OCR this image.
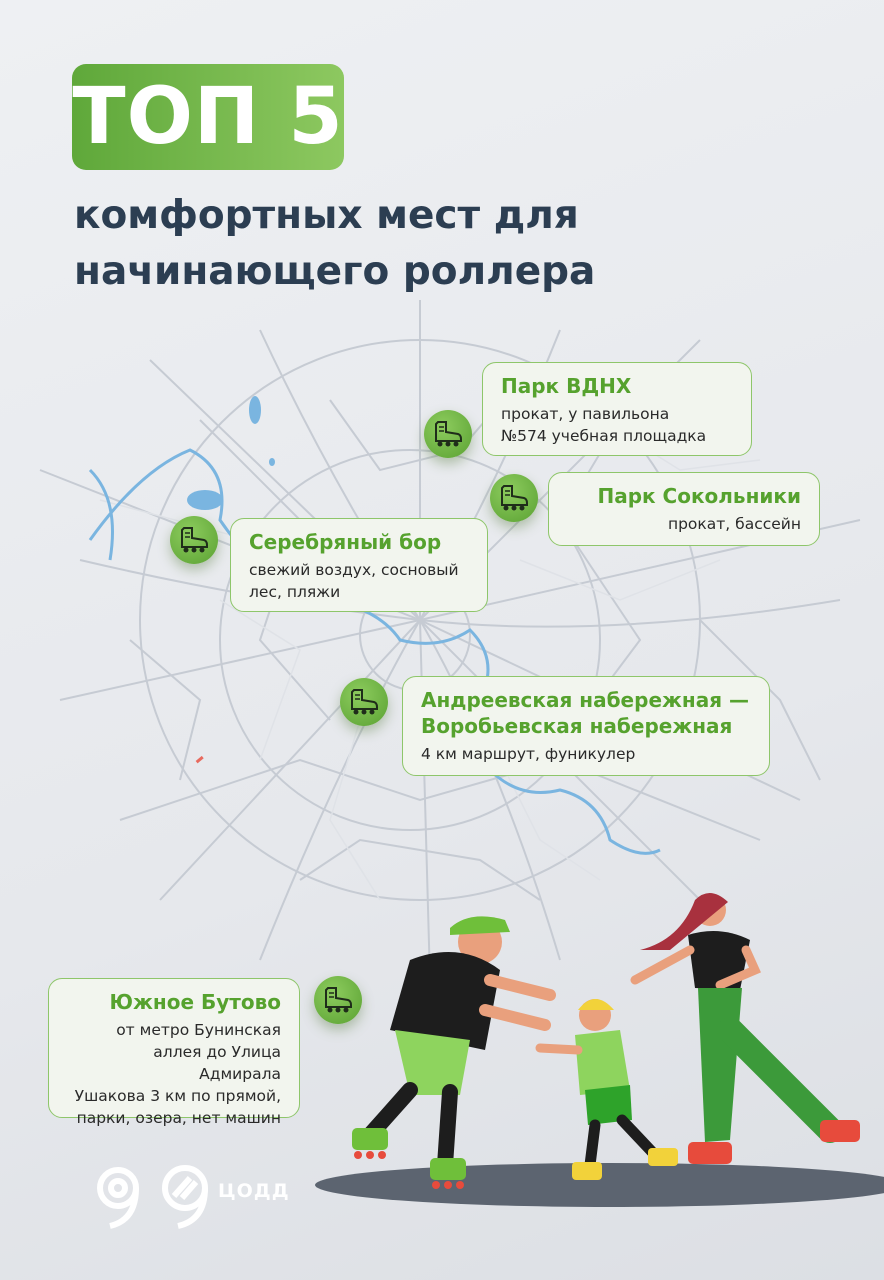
ТОП 5
комфортных мест для
начинающего роллера
Парк ВДНХ
прокат, у павильона
№574 учебная площадка
Парк Сокольники
прокат, бассейн
Серебряный бор
свежий воздух, сосновый
лес, пляжи
Андреевская набережная —
Воробьевская набережная
4 км маршрут, фуникулер
Южное Бутово
от метро Бунинская
аллея до Улица Адмирала
Ушакова 3 км по прямой,
парки, озера, нет машин
ЦОДД
